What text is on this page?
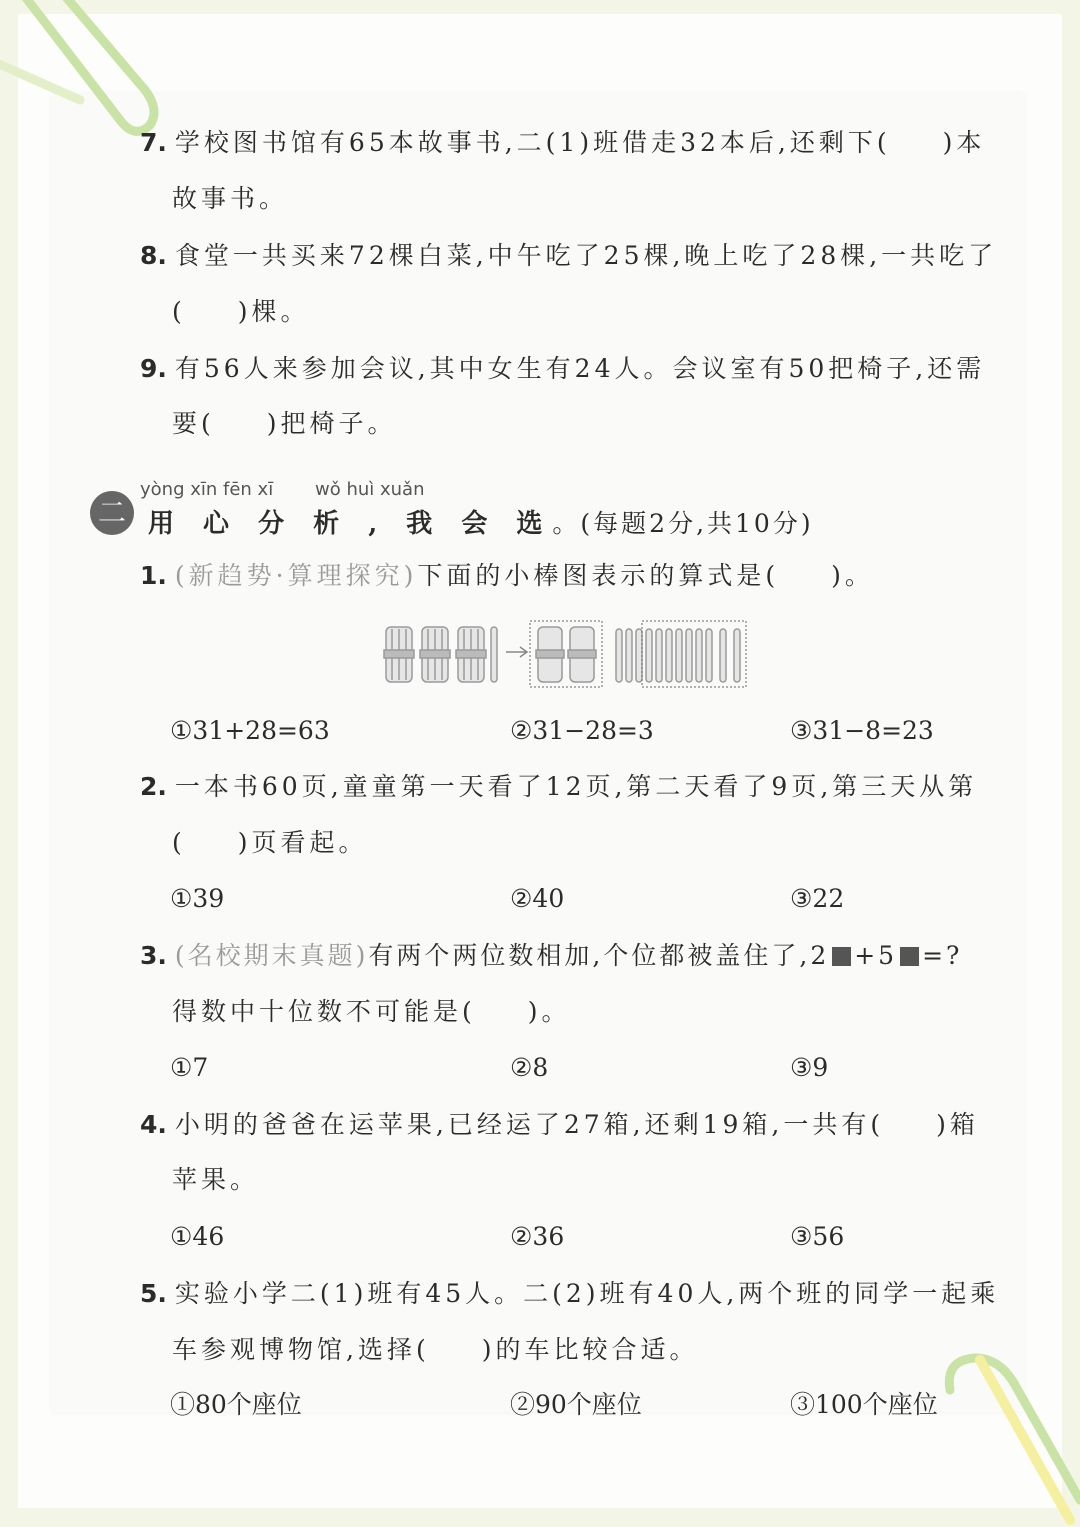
7. 学校图书馆有65本故事书,二(1)班借走32本后,还剩下( )本
故事书。
8. 食堂一共买来72棵白菜,中午吃了25棵,晚上吃了28棵,一共吃了
( )棵。
9. 有56人来参加会议,其中女生有24人。会议室有50把椅子,还需
要( )把椅子。
二
yòng xīn fēn xī wǒ huì xuǎn
用 心 分 析 , 我 会 选。(每题2分,共10分)
1. (新趋势·算理探究)下面的小棒图表示的算式是( )。
①31+28=63	②31−28=3	③31−8=23
2. 一本书60页,童童第一天看了12页,第二天看了9页,第三天从第
( )页看起。
①39	②40	③22
3. (名校期末真题)有两个两位数相加,个位都被盖住了,2 +5 =?
得数中十位数不可能是( )。
①7	②8	③9
4. 小明的爸爸在运苹果,已经运了27箱,还剩19箱,一共有( )箱
苹果。
①46	②36	③56
5. 实验小学二(1)班有45人。二(2)班有40人,两个班的同学一起乘
车参观博物馆,选择( )的车比较合适。
①80个座位	②90个座位	③100个座位
